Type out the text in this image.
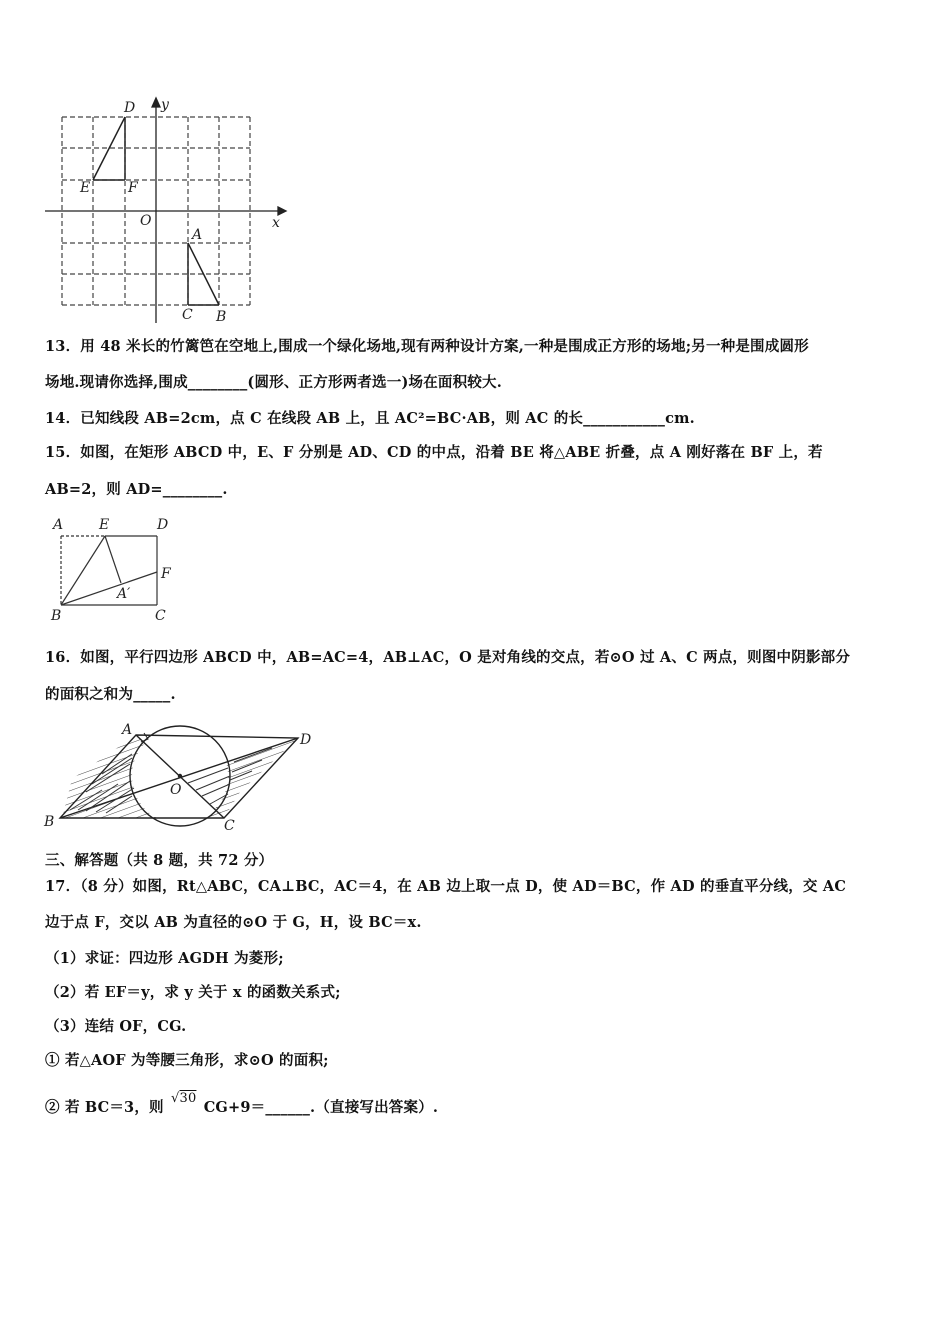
D y
E	F
O	x
A
C B
13．用 48 米长的竹篱笆在空地上,围成一个绿化场地,现有两种设计方案,一种是围成正方形的场地;另一种是围成圆形
场地.现请你选择,围成________(圆形、正方形两者选一)场在面积较大.
14．已知线段 AB=2cm，点 C 在线段 AB 上，且 AC²=BC·AB，则 AC 的长___________cm.
15．如图，在矩形 ABCD 中，E、F 分别是 AD、CD 的中点，沿着 BE 将△ABE 折叠，点 A 刚好落在 BF 上，若
AB=2，则 AD=________.
A	E	D
F
A′
B	C
16．如图，平行四边形 ABCD 中，AB=AC=4，AB⊥AC，O 是对角线的交点，若⊙O 过 A、C 两点，则图中阴影部分
的面积之和为_____.
A
D
O
B	C
三、解答题（共 8 题，共 72 分）
17．（8 分）如图，Rt△ABC，CA⊥BC，AC＝4，在 AB 边上取一点 D，使 AD＝BC，作 AD 的垂直平分线，交 AC
边于点 F，交以 AB 为直径的⊙O 于 G，H，设 BC＝x.
（1）求证：四边形 AGDH 为菱形;
（2）若 EF＝y，求 y 关于 x 的函数关系式;
（3）连结 OF，CG.
① 若△AOF 为等腰三角形，求⊙O 的面积;
② 若 BC＝3，则 √30 CG+9＝______.（直接写出答案）.
